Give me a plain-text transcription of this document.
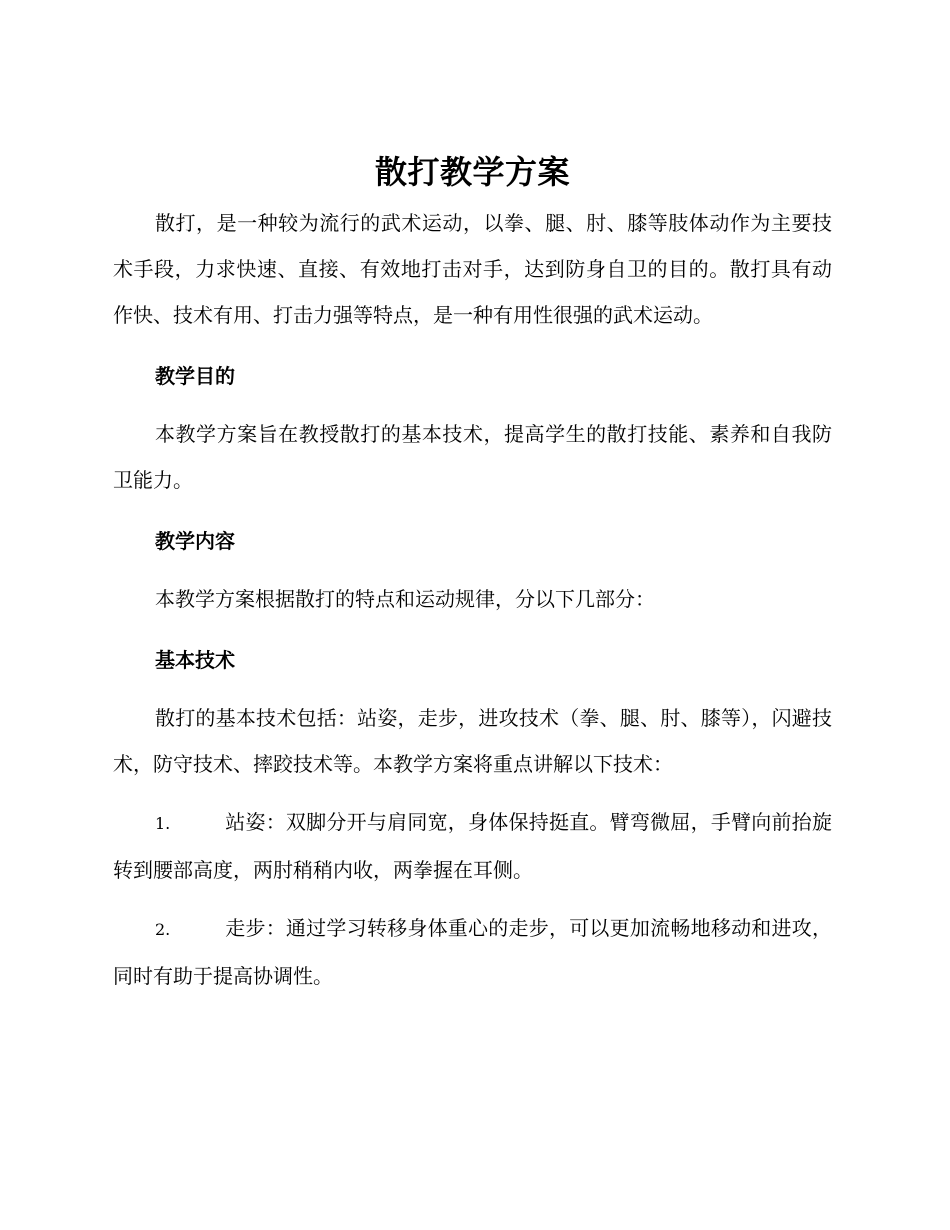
散打教学方案

散打，是一种较为流行的武术运动，以拳、腿、肘、膝等肢体动作为主要技术手段，力求快速、直接、有效地打击对手，达到防身自卫的目的。散打具有动作快、技术有用、打击力强等特点，是一种有用性很强的武术运动。

教学目的

本教学方案旨在教授散打的基本技术，提高学生的散打技能、素养和自我防卫能力。

教学内容

本教学方案根据散打的特点和运动规律，分以下几部分：

基本技术

散打的基本技术包括：站姿，走步，进攻技术（拳、腿、肘、膝等），闪避技术，防守技术、摔跤技术等。本教学方案将重点讲解以下技术：

1.	站姿：双脚分开与肩同宽，身体保持挺直。臂弯微屈，手臂向前抬旋转到腰部高度，两肘稍稍内收，两拳握在耳侧。

2.	走步：通过学习转移身体重心的走步，可以更加流畅地移动和进攻，同时有助于提高协调性。
